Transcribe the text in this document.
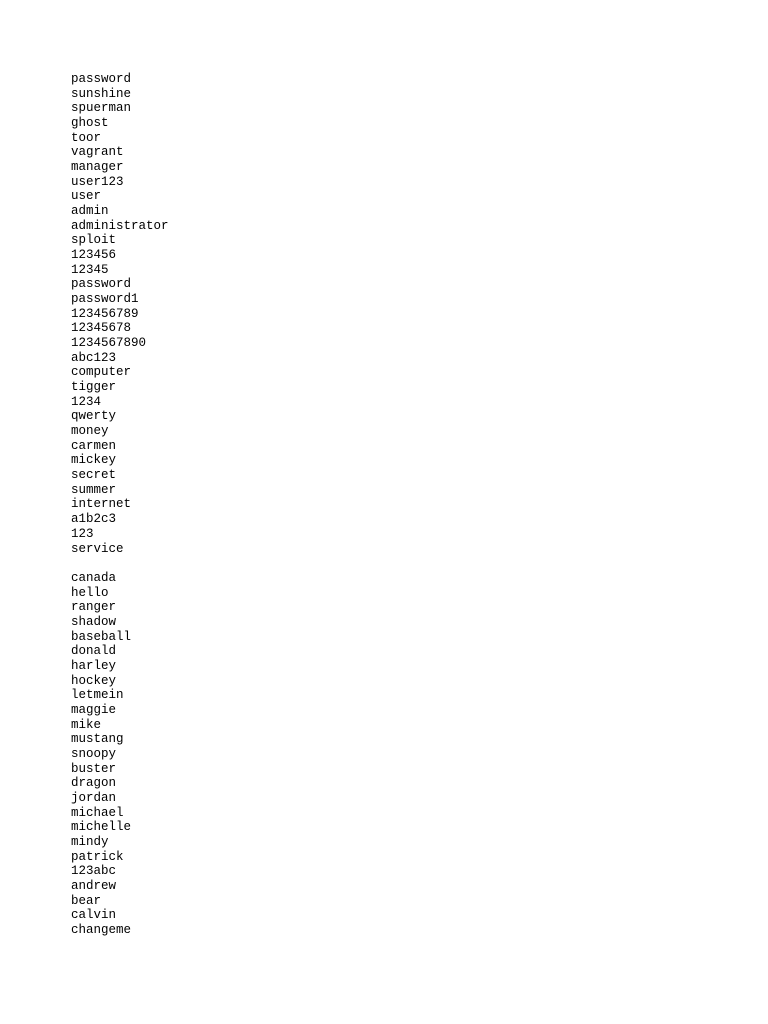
password
sunshine
spuerman
ghost
toor
vagrant
manager
user123
user
admin
administrator
sploit
123456
12345
password
password1
123456789
12345678
1234567890
abc123
computer
tigger
1234
qwerty
money
carmen
mickey
secret
summer
internet
a1b2c3
123
service
canada
hello
ranger
shadow
baseball
donald
harley
hockey
letmein
maggie
mike
mustang
snoopy
buster
dragon
jordan
michael
michelle
mindy
patrick
123abc
andrew
bear
calvin
changeme
